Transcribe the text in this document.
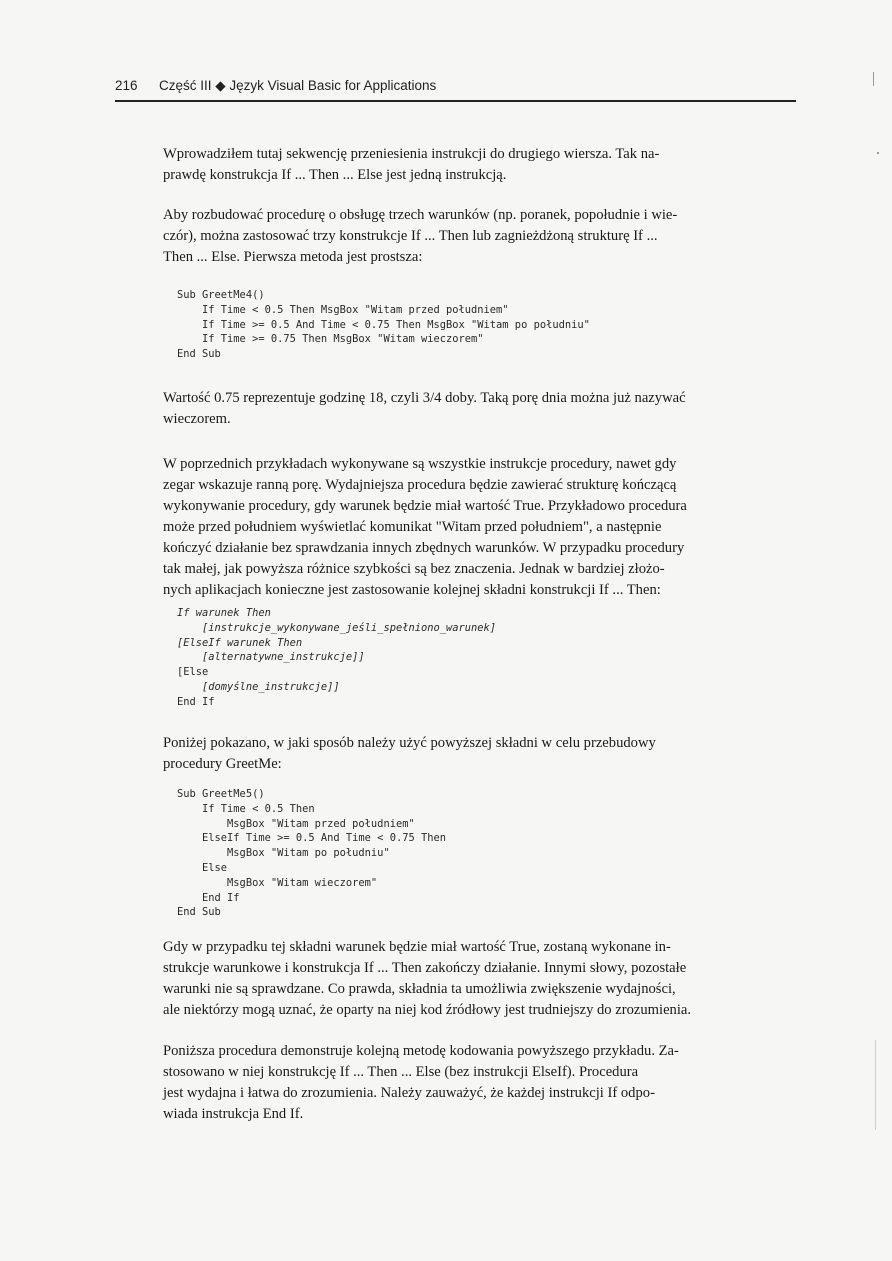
216 Część III ◆ Język Visual Basic for Applications

Wprowadziłem tutaj sekwencję przeniesienia instrukcji do drugiego wiersza. Tak na-
prawdę konstrukcja If ... Then ... Else jest jedną instrukcją.

Aby rozbudować procedurę o obsługę trzech warunków (np. poranek, popołudnie i wie-
czór), można zastosować trzy konstrukcje If ... Then lub zagnieżdżoną strukturę If ...
Then ... Else. Pierwsza metoda jest prostsza:

Sub GreetMe4()
If Time < 0.5 Then MsgBox "Witam przed południem"
If Time >= 0.5 And Time < 0.75 Then MsgBox "Witam po południu"
If Time >= 0.75 Then MsgBox "Witam wieczorem"
End Sub

Wartość 0.75 reprezentuje godzinę 18, czyli 3/4 doby. Taką porę dnia można już nazywać
wieczorem.

W poprzednich przykładach wykonywane są wszystkie instrukcje procedury, nawet gdy
zegar wskazuje ranną porę. Wydajniejsza procedura będzie zawierać strukturę kończącą
wykonywanie procedury, gdy warunek będzie miał wartość True. Przykładowo procedura
może przed południem wyświetlać komunikat "Witam przed południem", a następnie
kończyć działanie bez sprawdzania innych zbędnych warunków. W przypadku procedury
tak małej, jak powyższa różnice szybkości są bez znaczenia. Jednak w bardziej złożo-
nych aplikacjach konieczne jest zastosowanie kolejnej składni konstrukcji If ... Then:

If warunek Then
[instrukcje_wykonywane_jeśli_spełniono_warunek]
[ElseIf warunek Then
[alternatywne_instrukcje]]
[Else
[domyślne_instrukcje]]
End If

Poniżej pokazano, w jaki sposób należy użyć powyższej składni w celu przebudowy
procedury GreetMe:

Sub GreetMe5()
If Time < 0.5 Then
MsgBox "Witam przed południem"
ElseIf Time >= 0.5 And Time < 0.75 Then
MsgBox "Witam po południu"
Else
MsgBox "Witam wieczorem"
End If
End Sub

Gdy w przypadku tej składni warunek będzie miał wartość True, zostaną wykonane in-
strukcje warunkowe i konstrukcja If ... Then zakończy działanie. Innymi słowy, pozostałe
warunki nie są sprawdzane. Co prawda, składnia ta umożliwia zwiększenie wydajności,
ale niektórzy mogą uznać, że oparty na niej kod źródłowy jest trudniejszy do zrozumienia.

Poniższa procedura demonstruje kolejną metodę kodowania powyższego przykładu. Za-
stosowano w niej konstrukcję If ... Then ... Else (bez instrukcji ElseIf). Procedura
jest wydajna i łatwa do zrozumienia. Należy zauważyć, że każdej instrukcji If odpo-
wiada instrukcja End If.
